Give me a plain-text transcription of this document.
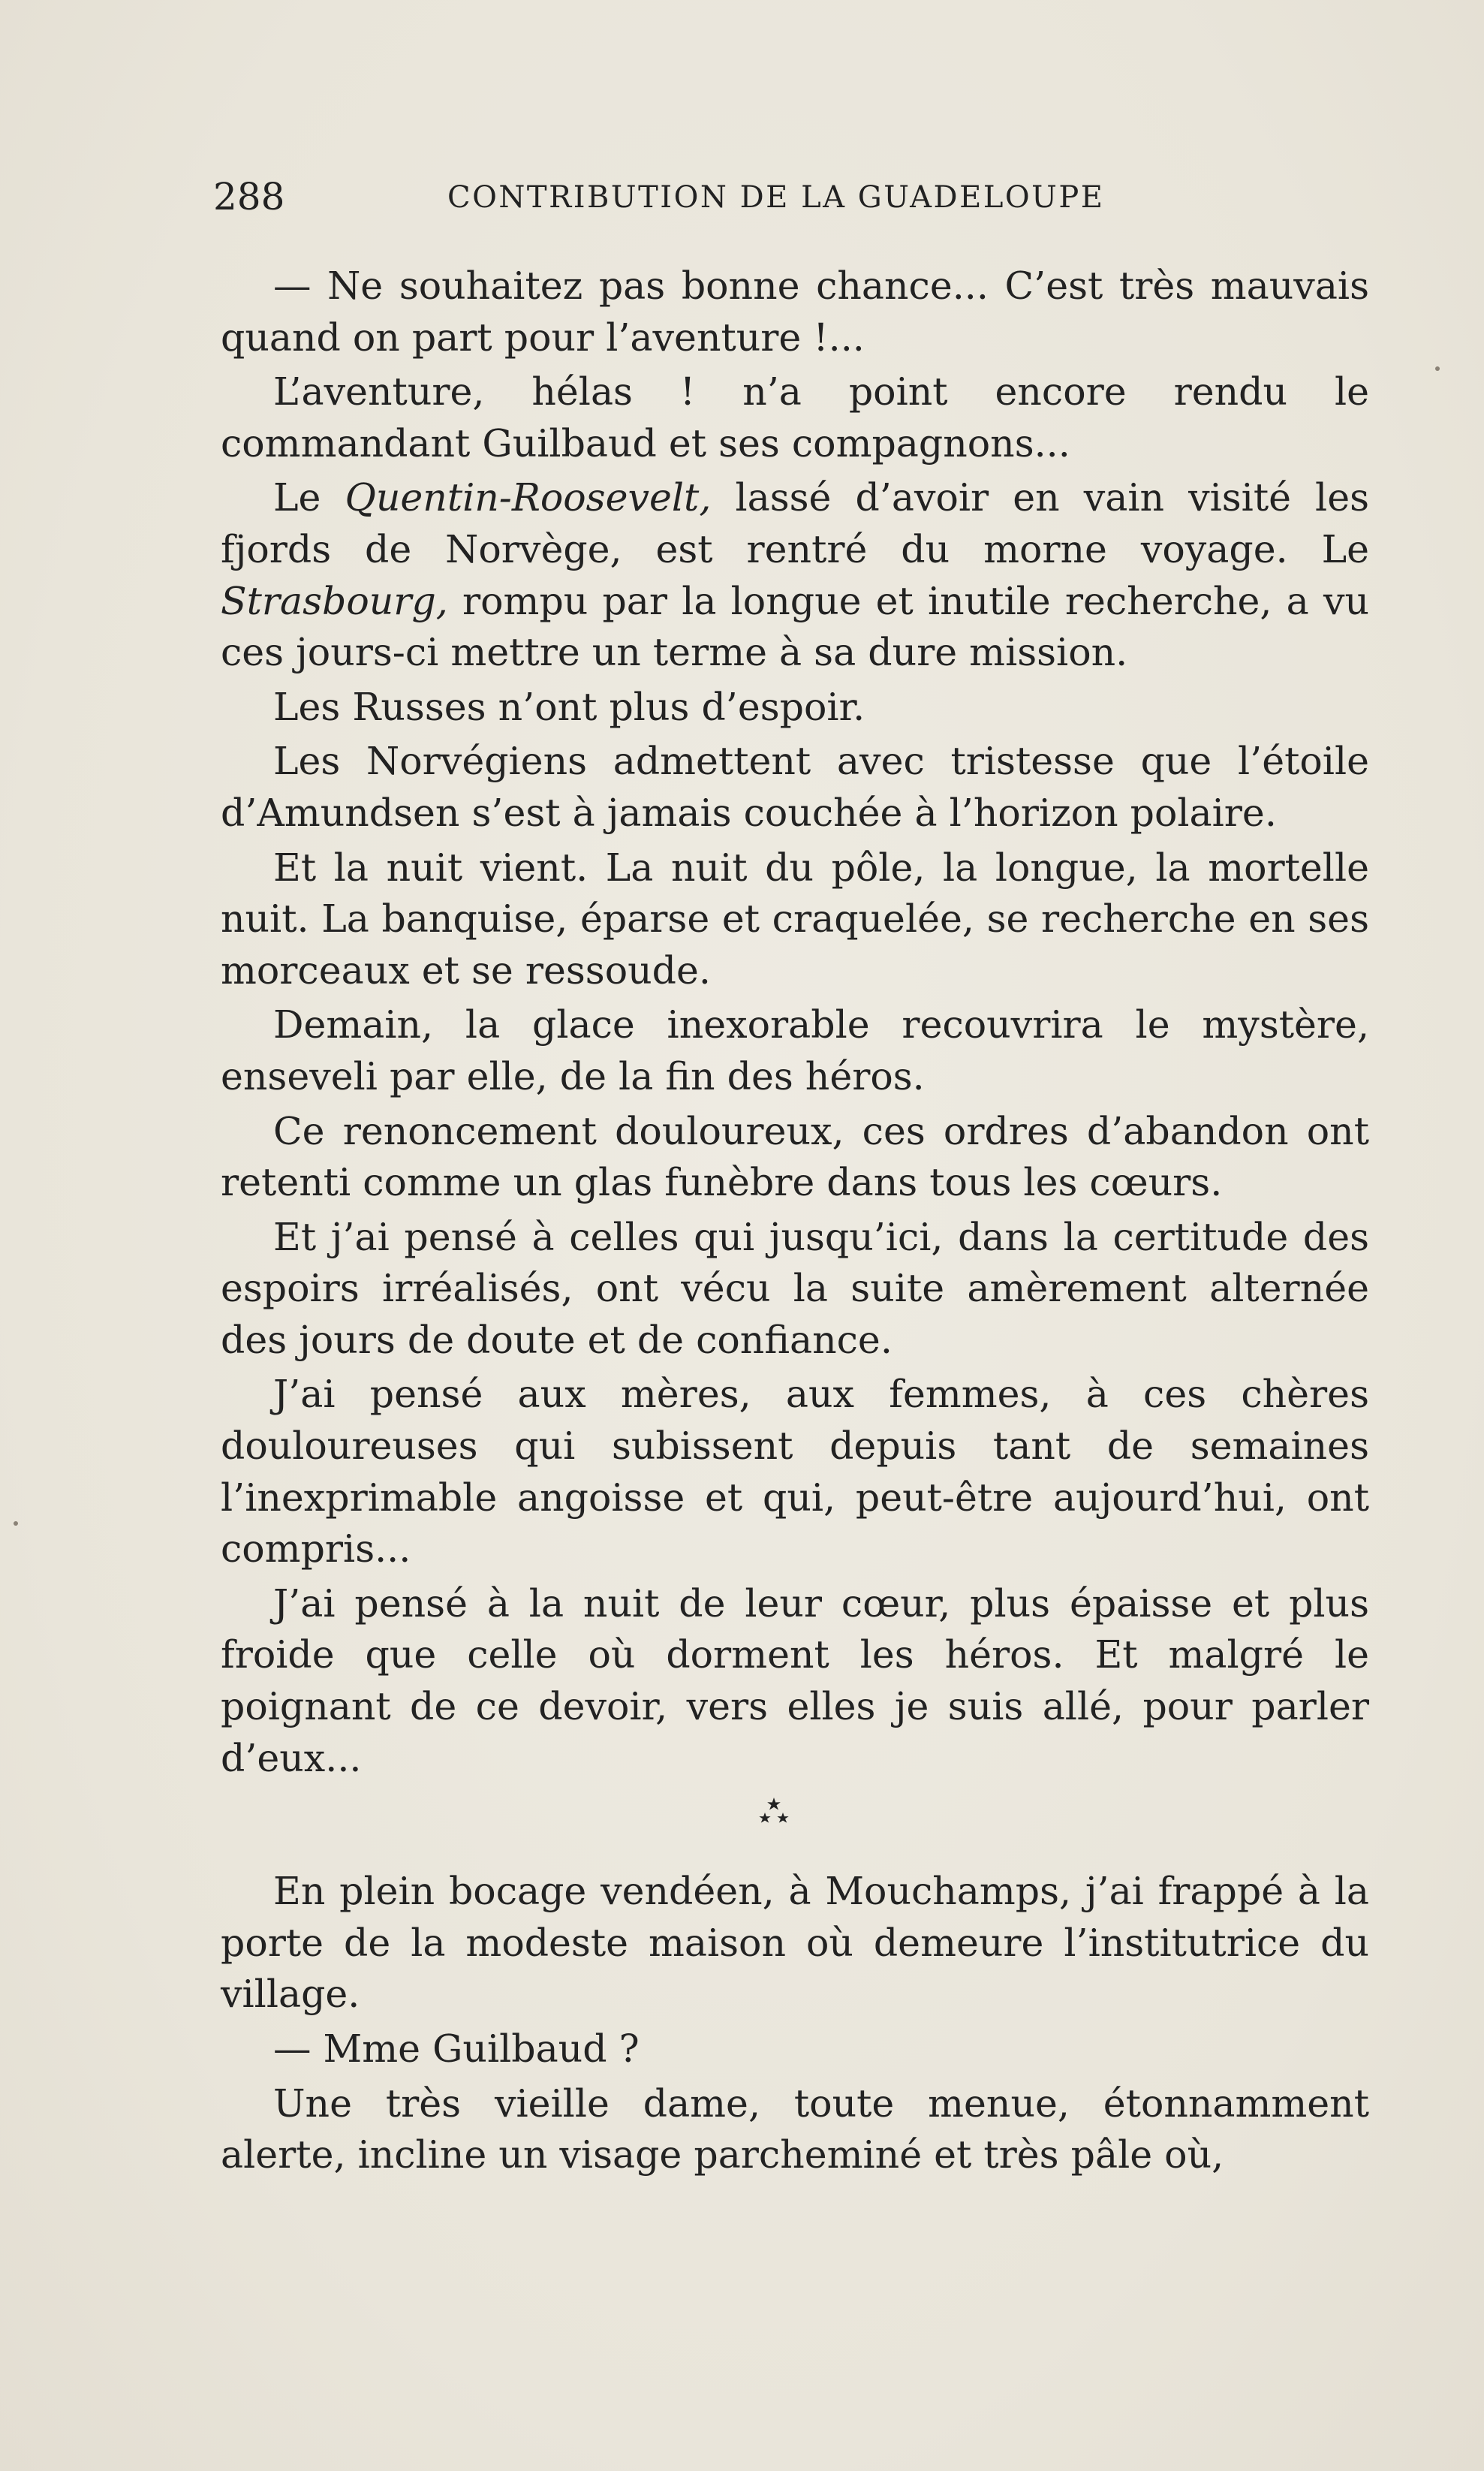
288	CONTRIBUTION DE LA GUADELOUPE

— Ne souhaitez pas bonne chance... C’est très mauvais quand on part pour l’aventure !...

L’aventure, hélas ! n’a point encore rendu le commandant Guilbaud et ses compagnons...

Le Quentin-Roosevelt, lassé d’avoir en vain visité les fjords de Norvège, est rentré du morne voyage. Le Strasbourg, rompu par la longue et inutile recherche, a vu ces jours-ci mettre un terme à sa dure mission.

Les Russes n’ont plus d’espoir.

Les Norvégiens admettent avec tristesse que l’étoile d’Amundsen s’est à jamais couchée à l’horizon polaire.

Et la nuit vient. La nuit du pôle, la longue, la mortelle nuit. La banquise, éparse et craquelée, se recherche en ses morceaux et se ressoude.

Demain, la glace inexorable recouvrira le mystère, enseveli par elle, de la fin des héros.

Ce renoncement douloureux, ces ordres d’abandon ont retenti comme un glas funèbre dans tous les cœurs.

Et j’ai pensé à celles qui jusqu’ici, dans la certitude des espoirs irréalisés, ont vécu la suite amèrement alternée des jours de doute et de confiance.

J’ai pensé aux mères, aux femmes, à ces chères douloureuses qui subissent depuis tant de semaines l’inexprimable angoisse et qui, peut-être aujourd’hui, ont compris...

J’ai pensé à la nuit de leur cœur, plus épaisse et plus froide que celle où dorment les héros. Et malgré le poignant de ce devoir, vers elles je suis allé, pour parler d’eux...

En plein bocage vendéen, à Mouchamps, j’ai frappé à la porte de la modeste maison où demeure l’institutrice du village.

— Mme Guilbaud ?

Une très vieille dame, toute menue, étonnamment alerte, incline un visage parcheminé et très pâle où,
